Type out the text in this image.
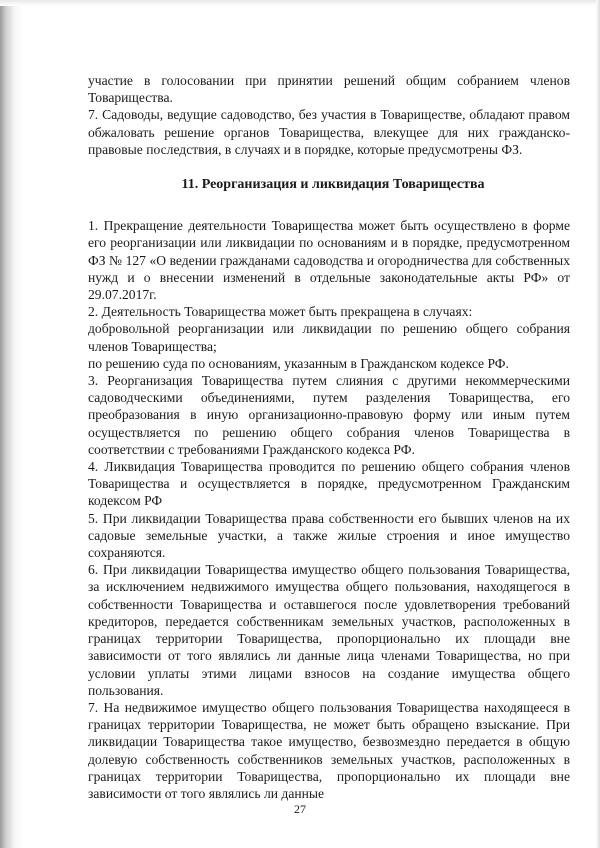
участие в голосовании при принятии решений общим собранием членов Товарищества.

7. Садоводы, ведущие садоводство, без участия в Товариществе, обладают правом обжаловать решение органов Товарищества, влекущее для них гражданско-правовые последствия, в случаях и в порядке, которые предусмотрены ФЗ.

11. Реорганизация и ликвидация Товарищества

1. Прекращение деятельности Товарищества может быть осуществлено в форме его реорганизации или ликвидации по основаниям и в порядке, предусмотренном ФЗ № 127 «О ведении гражданами садоводства и огородничества для собственных нужд и о внесении изменений в отдельные законодательные акты РФ» от 29.07.2017г.

2. Деятельность Товарищества может быть прекращена в случаях:

добровольной реорганизации или ликвидации по решению общего собрания членов Товарищества;

по решению суда по основаниям, указанным в Гражданском кодексе РФ.

3. Реорганизация Товарищества путем слияния с другими некоммерческими садоводческими объединениями, путем разделения Товарищества, его преобразования в иную организационно-правовую форму или иным путем осуществляется по решению общего собрания членов Товарищества в соответствии с требованиями Гражданского кодекса РФ.

4. Ликвидация Товарищества проводится по решению общего собрания членов Товарищества и осуществляется в порядке, предусмотренном Гражданским кодексом РФ

5. При ликвидации Товарищества права собственности его бывших членов на их садовые земельные участки, а также жилые строения и иное имущество сохраняются.

6. При ликвидации Товарищества имущество общего пользования Товарищества, за исключением недвижимого имущества общего пользования, находящегося в собственности Товарищества и оставшегося после удовлетворения требований кредиторов, передается собственникам земельных участков, расположенных в границах территории Товарищества, пропорционально их площади вне зависимости от того являлись ли данные лица членами Товарищества, но при условии уплаты этими лицами взносов на создание имущества общего пользования.

7. На недвижимое имущество общего пользования Товарищества находящееся в границах территории Товарищества, не может быть обращено взыскание. При ликвидации Товарищества такое имущество, безвозмездно передается в общую долевую собственность собственников земельных участков, расположенных в границах территории Товарищества, пропорционально их площади вне зависимости от того являлись ли данные

27
